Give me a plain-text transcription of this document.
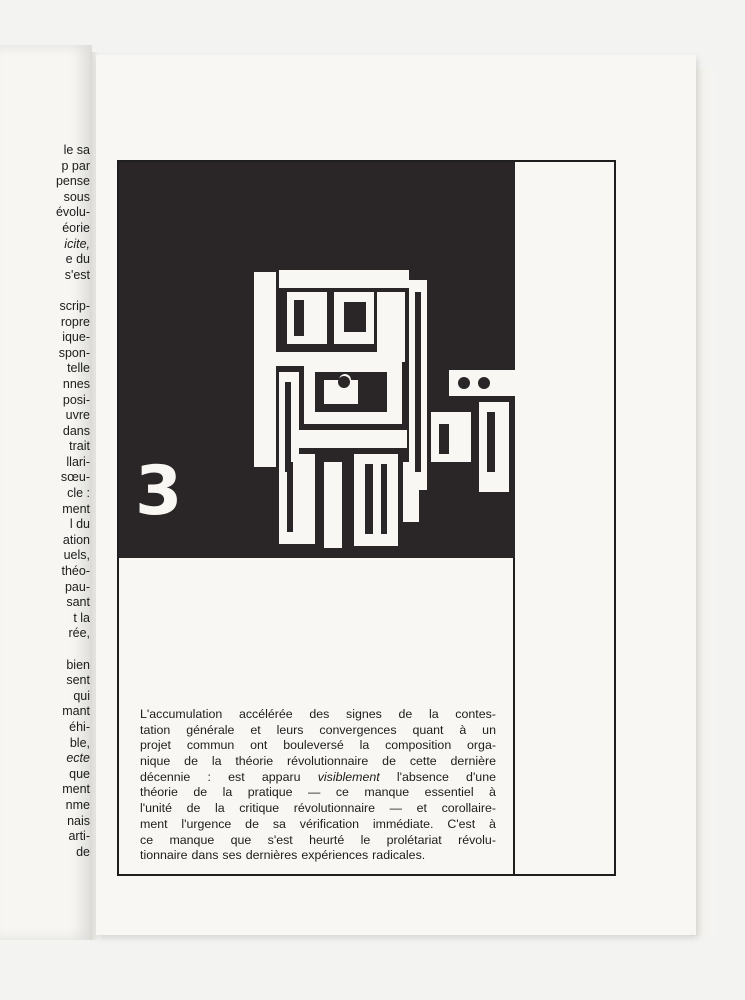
le sa
p par
pense
sous
évolu-
éorie
icite,
e du
s'est
scrip-
ropre
ique-
spon-
telle
nnes
posi-
uvre
dans
trait
llari-
sœu-
cle :
ment
l du
ation
uels,
théo-
pau-
sant
t la
rée,
bien
sent
qui
mant
éhi-
ble,
ecte
que
ment
nme
nais
arti-
de
3
L'accumulation accélérée des signes de la contes-
tation générale et leurs convergences quant à un
projet commun ont bouleversé la composition orga-
nique de la théorie révolutionnaire de cette dernière
décennie : est apparu visiblement l'absence d'une
théorie de la pratique — ce manque essentiel à
l'unité de la critique révolutionnaire — et corollaire-
ment l'urgence de sa vérification immédiate. C'est à
ce manque que s'est heurté le prolétariat révolu-
tionnaire dans ses dernières expériences radicales.
